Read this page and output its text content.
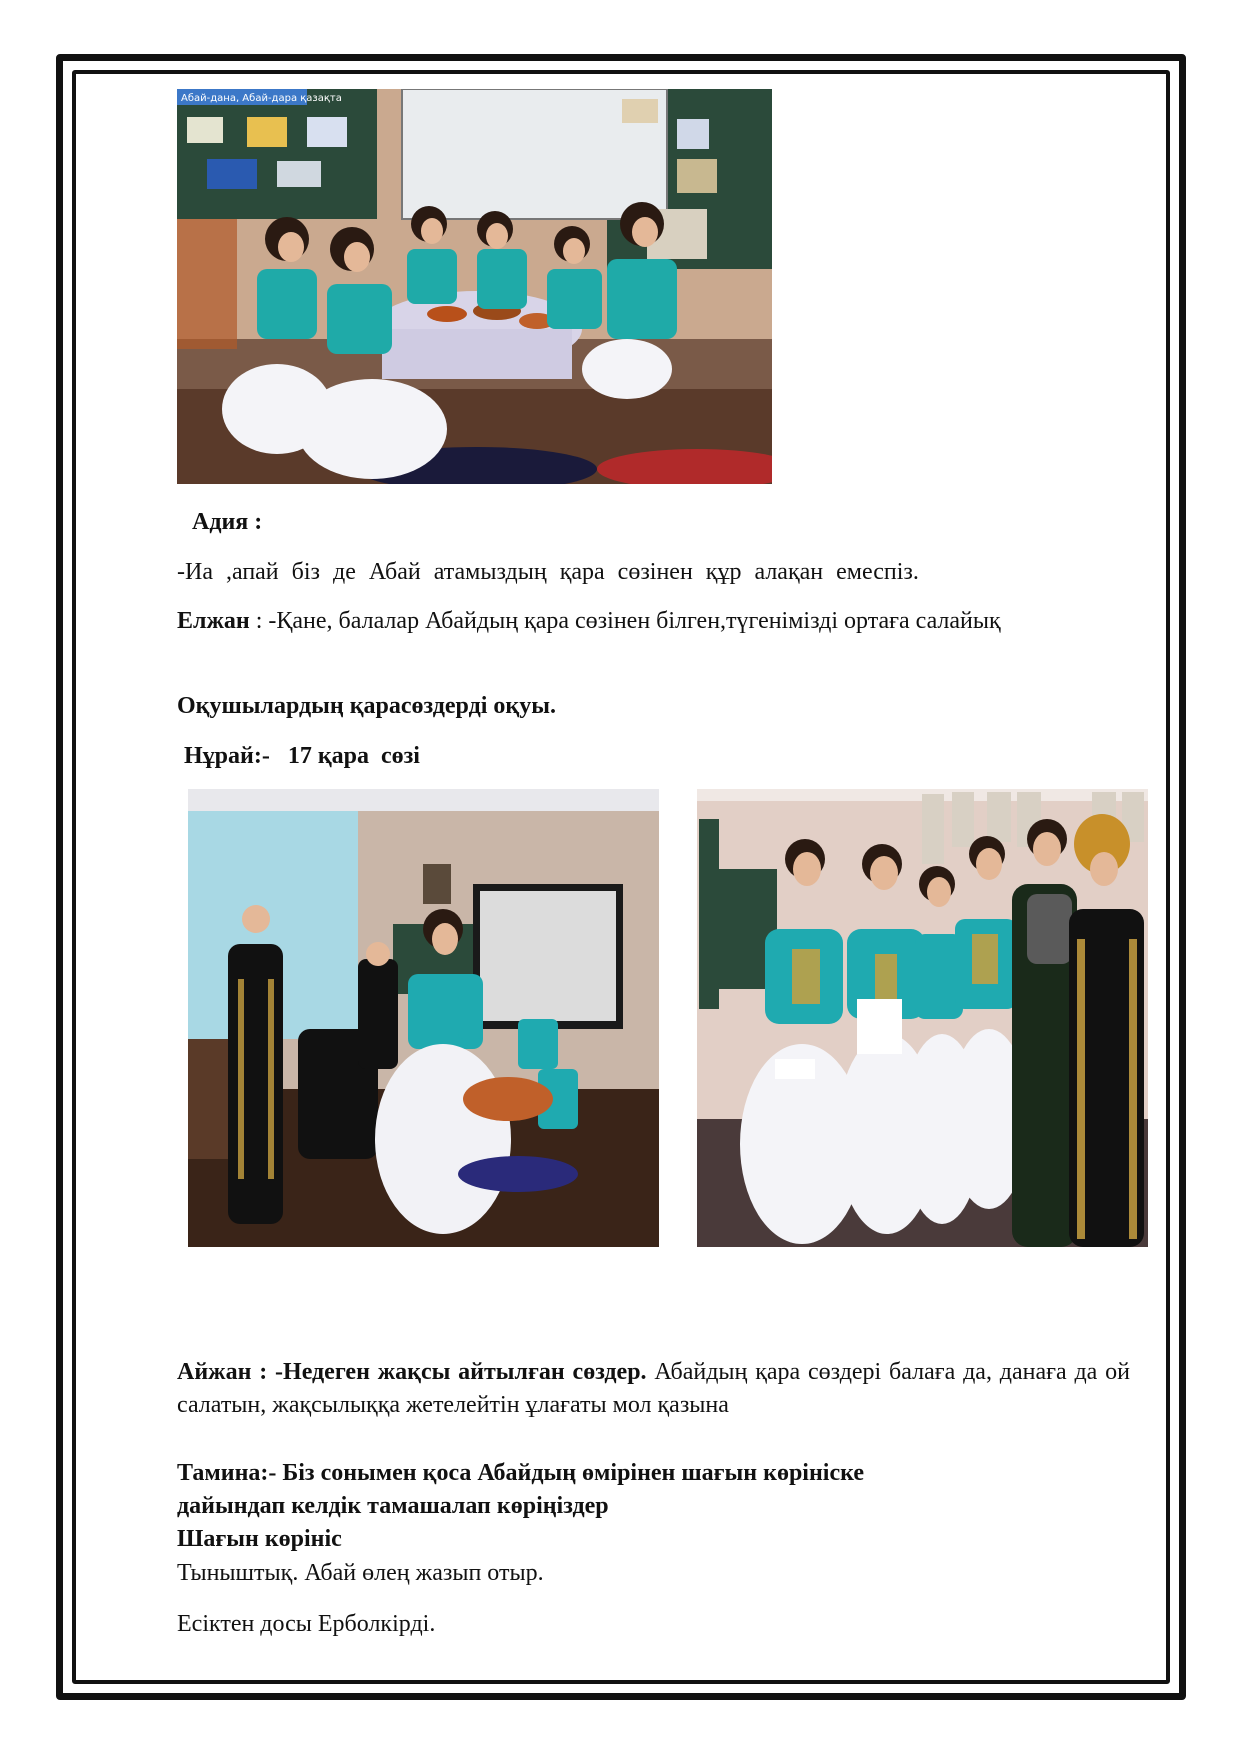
Абай-дана, Абай-дара қазақта
Адия :
-Иа ,апай біз де Абай атамыздың қара сөзінен құр алақан емеспіз.
Елжан : -Қане, балалар Абайдың қара сөзінен білген,түгенімізді ортаға салайық
Оқушылардың қарасөздерді оқуы.
Нұрай:-   17 қара  сөзі
Айжан : -Недеген жақсы айтылған сөздер. Абайдың қара сөздері балаға да, данаға да ой салатын, жақсылыққа жетелейтін ұлағаты мол қазына
Тамина:- Біз сонымен қоса Абайдың өмірінен шағын көрініске
дайындап келдік тамашалап көріңіздер
Шағын көрініс
Тыныштық. Абай өлең жазып отыр.
Есіктен досы Ерболкірді.
